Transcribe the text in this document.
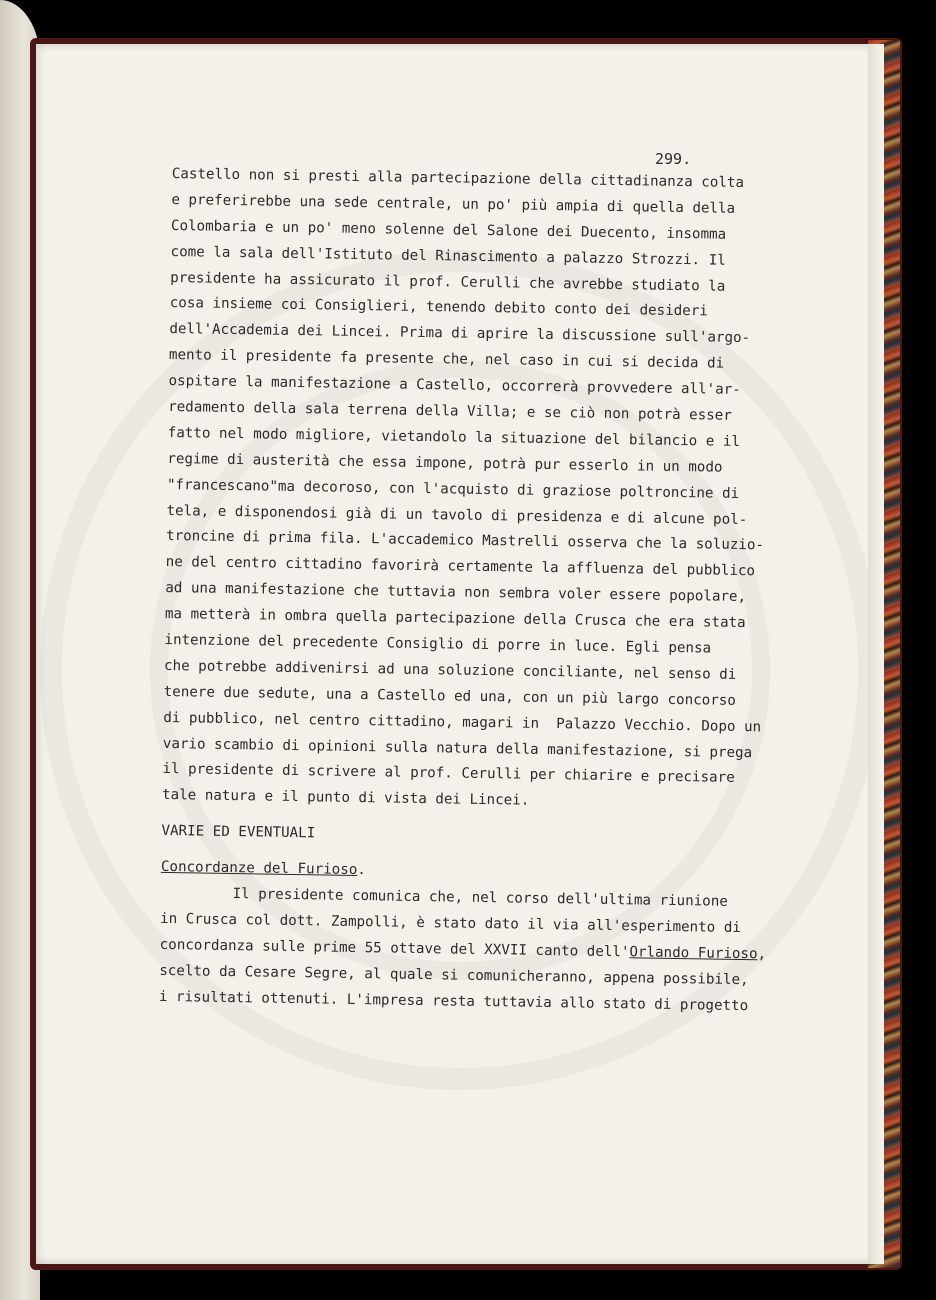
299.
Castello non si presti alla partecipazione della cittadinanza colta
e preferirebbe una sede centrale, un po' più ampia di quella della
Colombaria e un po' meno solenne del Salone dei Duecento, insomma
come la sala dell'Istituto del Rinascimento a palazzo Strozzi. Il
presidente ha assicurato il prof. Cerulli che avrebbe studiato la
cosa insieme coi Consiglieri, tenendo debito conto dei desideri
dell'Accademia dei Lincei. Prima di aprire la discussione sull'argo-
mento il presidente fa presente che, nel caso in cui si decida di
ospitare la manifestazione a Castello, occorrerà provvedere all'ar-
redamento della sala terrena della Villa; e se ciò non potrà esser
fatto nel modo migliore, vietandolo la situazione del bilancio e il
regime di austerità che essa impone, potrà pur esserlo in un modo
"francescano"ma decoroso, con l'acquisto di graziose poltroncine di
tela, e disponendosi già di un tavolo di presidenza e di alcune pol-
troncine di prima fila. L'accademico Mastrelli osserva che la soluzio-
ne del centro cittadino favorirà certamente la affluenza del pubblico
ad una manifestazione che tuttavia non sembra voler essere popolare,
ma metterà in ombra quella partecipazione della Crusca che era stata
intenzione del precedente Consiglio di porre in luce. Egli pensa
che potrebbe addivenirsi ad una soluzione conciliante, nel senso di
tenere due sedute, una a Castello ed una, con un più largo concorso
di pubblico, nel centro cittadino, magari in  Palazzo Vecchio. Dopo un
vario scambio di opinioni sulla natura della manifestazione, si prega
il presidente di scrivere al prof. Cerulli per chiarire e precisare
tale natura e il punto di vista dei Lincei.
VARIE ED EVENTUALI
Concordanze del Furioso.
Il presidente comunica che, nel corso dell'ultima riunione
in Crusca col dott. Zampolli, è stato dato il via all'esperimento di
concordanza sulle prime 55 ottave del XXVII canto dell'Orlando Furioso,
scelto da Cesare Segre, al quale si comunicheranno, appena possibile,
i risultati ottenuti. L'impresa resta tuttavia allo stato di progetto
